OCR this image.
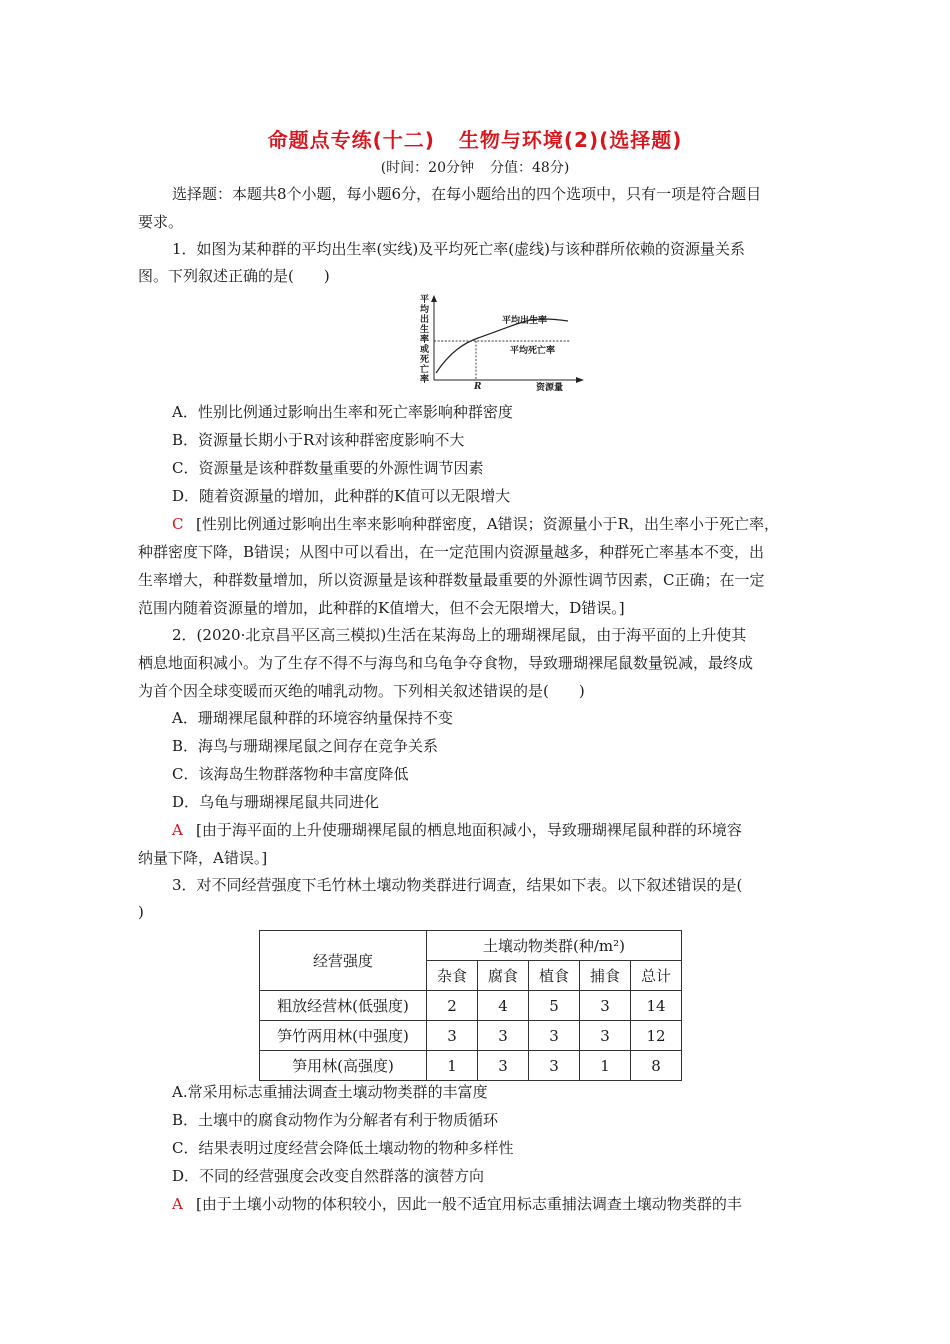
命题点专练(十二) 生物与环境(2)(选择题)
(时间：20分钟 分值：48分)
选择题：本题共8个小题，每小题6分，在每小题给出的四个选项中，只有一项是符合题目
要求。
1．如图为某种群的平均出生率(实线)及平均死亡率(虚线)与该种群所依赖的资源量关系
图。下列叙述正确的是(　　)
平
均
出
生
率
或
死
亡
率
R
平均出生率
平均死亡率
资源量
A．性别比例通过影响出生率和死亡率影响种群密度
B．资源量长期小于R对该种群密度影响不大
C．资源量是该种群数量重要的外源性调节因素
D．随着资源量的增加，此种群的K值可以无限增大
C [性别比例通过影响出生率来影响种群密度，A错误；资源量小于R，出生率小于死亡率，
种群密度下降，B错误；从图中可以看出，在一定范围内资源量越多，种群死亡率基本不变，出
生率增大，种群数量增加，所以资源量是该种群数量最重要的外源性调节因素，C正确；在一定
范围内随着资源量的增加，此种群的K值增大，但不会无限增大，D错误。]
2．(2020·北京昌平区高三模拟)生活在某海岛上的珊瑚裸尾鼠，由于海平面的上升使其
栖息地面积减小。为了生存不得不与海鸟和乌龟争夺食物，导致珊瑚裸尾鼠数量锐减，最终成
为首个因全球变暖而灭绝的哺乳动物。下列相关叙述错误的是(　　)
A．珊瑚裸尾鼠种群的环境容纳量保持不变
B．海鸟与珊瑚裸尾鼠之间存在竞争关系
C．该海岛生物群落物种丰富度降低
D．乌龟与珊瑚裸尾鼠共同进化
A [由于海平面的上升使珊瑚裸尾鼠的栖息地面积减小，导致珊瑚裸尾鼠种群的环境容
纳量下降，A错误。]
3．对不同经营强度下毛竹林土壤动物类群进行调查，结果如下表。以下叙述错误的是(
)
经营强度	土壤动物类群(种/m²)				
	杂食	腐食	植食	捕食	总计
粗放经营林(低强度)	2	4	5	3	14
笋竹两用林(中强度)	3	3	3	3	12
笋用林(高强度)	1	3	3	1	8
A.常采用标志重捕法调查土壤动物类群的丰富度
B．土壤中的腐食动物作为分解者有利于物质循环
C．结果表明过度经营会降低土壤动物的物种多样性
D．不同的经营强度会改变自然群落的演替方向
A [由于土壤小动物的体积较小，因此一般不适宜用标志重捕法调查土壤动物类群的丰
